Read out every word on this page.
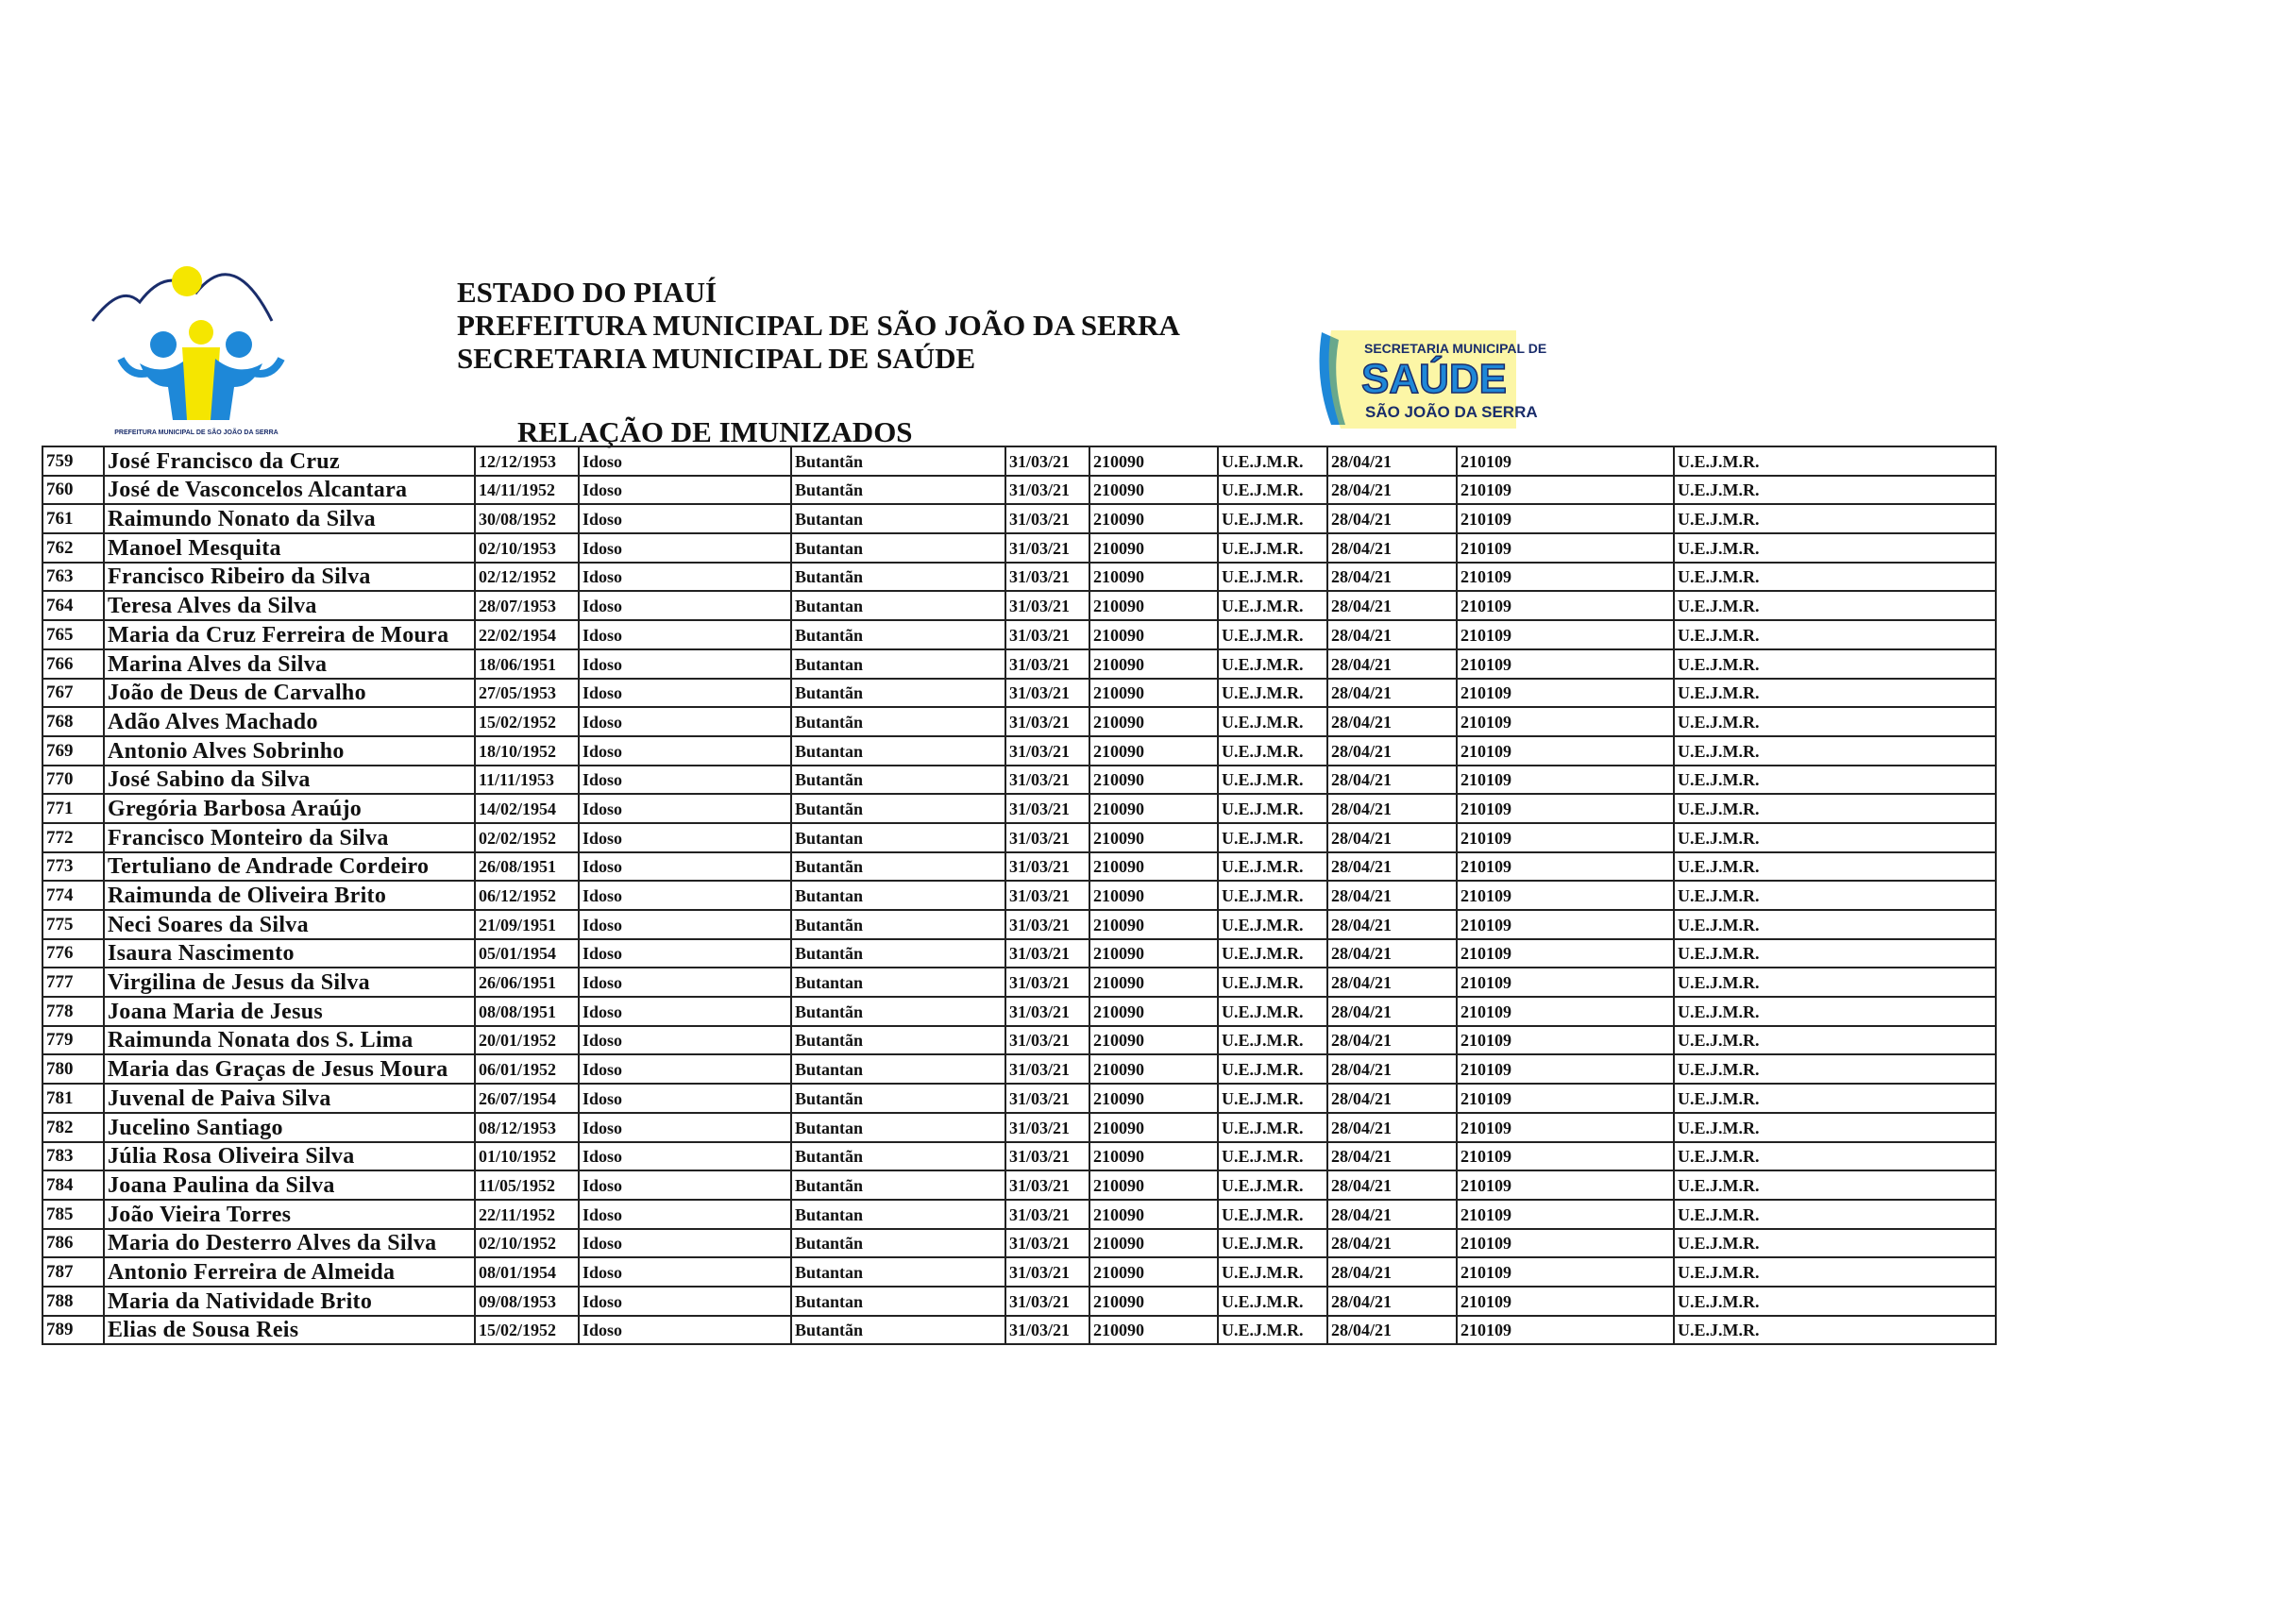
PREFEITURA MUNICIPAL DE SÃO JOÃO DA SERRA
ESTADO DO PIAUÍ
PREFEITURA MUNICIPAL DE SÃO JOÃO DA SERRA
SECRETARIA MUNICIPAL DE SAÚDE	SECRETARIA MUNICIPAL DE
SAÚDE
SÃO JOÃO DA SERRA
RELAÇÃO DE IMUNIZADOS
759	José Francisco da Cruz	12/12/1953	Idoso	Butantãn	31/03/21	210090	U.E.J.M.R.	28/04/21	210109	U.E.J.M.R.
760	José de Vasconcelos Alcantara	14/11/1952	Idoso	Butantãn	31/03/21	210090	U.E.J.M.R.	28/04/21	210109	U.E.J.M.R.
761	Raimundo Nonato da Silva	30/08/1952	Idoso	Butantan	31/03/21	210090	U.E.J.M.R.	28/04/21	210109	U.E.J.M.R.
762	Manoel Mesquita	02/10/1953	Idoso	Butantan	31/03/21	210090	U.E.J.M.R.	28/04/21	210109	U.E.J.M.R.
763	Francisco Ribeiro da Silva	02/12/1952	Idoso	Butantãn	31/03/21	210090	U.E.J.M.R.	28/04/21	210109	U.E.J.M.R.
764	Teresa Alves da Silva	28/07/1953	Idoso	Butantan	31/03/21	210090	U.E.J.M.R.	28/04/21	210109	U.E.J.M.R.
765	Maria da Cruz Ferreira de Moura	22/02/1954	Idoso	Butantãn	31/03/21	210090	U.E.J.M.R.	28/04/21	210109	U.E.J.M.R.
766	Marina Alves da Silva	18/06/1951	Idoso	Butantan	31/03/21	210090	U.E.J.M.R.	28/04/21	210109	U.E.J.M.R.
767	João de Deus de Carvalho	27/05/1953	Idoso	Butantãn	31/03/21	210090	U.E.J.M.R.	28/04/21	210109	U.E.J.M.R.
768	Adão Alves Machado	15/02/1952	Idoso	Butantãn	31/03/21	210090	U.E.J.M.R.	28/04/21	210109	U.E.J.M.R.
769	Antonio Alves Sobrinho	18/10/1952	Idoso	Butantan	31/03/21	210090	U.E.J.M.R.	28/04/21	210109	U.E.J.M.R.
770	José Sabino da Silva	11/11/1953	Idoso	Butantãn	31/03/21	210090	U.E.J.M.R.	28/04/21	210109	U.E.J.M.R.
771	Gregória Barbosa Araújo	14/02/1954	Idoso	Butantãn	31/03/21	210090	U.E.J.M.R.	28/04/21	210109	U.E.J.M.R.
772	Francisco Monteiro da Silva	02/02/1952	Idoso	Butantan	31/03/21	210090	U.E.J.M.R.	28/04/21	210109	U.E.J.M.R.
773	Tertuliano de Andrade Cordeiro	26/08/1951	Idoso	Butantãn	31/03/21	210090	U.E.J.M.R.	28/04/21	210109	U.E.J.M.R.
774	Raimunda de Oliveira Brito	06/12/1952	Idoso	Butantan	31/03/21	210090	U.E.J.M.R.	28/04/21	210109	U.E.J.M.R.
775	Neci Soares da Silva	21/09/1951	Idoso	Butantãn	31/03/21	210090	U.E.J.M.R.	28/04/21	210109	U.E.J.M.R.
776	Isaura Nascimento	05/01/1954	Idoso	Butantãn	31/03/21	210090	U.E.J.M.R.	28/04/21	210109	U.E.J.M.R.
777	Virgilina de Jesus da Silva	26/06/1951	Idoso	Butantan	31/03/21	210090	U.E.J.M.R.	28/04/21	210109	U.E.J.M.R.
778	Joana Maria de Jesus	08/08/1951	Idoso	Butantãn	31/03/21	210090	U.E.J.M.R.	28/04/21	210109	U.E.J.M.R.
779	Raimunda Nonata dos S. Lima	20/01/1952	Idoso	Butantãn	31/03/21	210090	U.E.J.M.R.	28/04/21	210109	U.E.J.M.R.
780	Maria das Graças de Jesus Moura	06/01/1952	Idoso	Butantan	31/03/21	210090	U.E.J.M.R.	28/04/21	210109	U.E.J.M.R.
781	Juvenal de Paiva Silva	26/07/1954	Idoso	Butantãn	31/03/21	210090	U.E.J.M.R.	28/04/21	210109	U.E.J.M.R.
782	Jucelino Santiago	08/12/1953	Idoso	Butantan	31/03/21	210090	U.E.J.M.R.	28/04/21	210109	U.E.J.M.R.
783	Júlia Rosa Oliveira Silva	01/10/1952	Idoso	Butantãn	31/03/21	210090	U.E.J.M.R.	28/04/21	210109	U.E.J.M.R.
784	Joana Paulina da Silva	11/05/1952	Idoso	Butantãn	31/03/21	210090	U.E.J.M.R.	28/04/21	210109	U.E.J.M.R.
785	João Vieira Torres	22/11/1952	Idoso	Butantan	31/03/21	210090	U.E.J.M.R.	28/04/21	210109	U.E.J.M.R.
786	Maria do Desterro Alves da Silva	02/10/1952	Idoso	Butantãn	31/03/21	210090	U.E.J.M.R.	28/04/21	210109	U.E.J.M.R.
787	Antonio Ferreira de Almeida	08/01/1954	Idoso	Butantan	31/03/21	210090	U.E.J.M.R.	28/04/21	210109	U.E.J.M.R.
788	Maria da Natividade Brito	09/08/1953	Idoso	Butantan	31/03/21	210090	U.E.J.M.R.	28/04/21	210109	U.E.J.M.R.
789	Elias de Sousa Reis	15/02/1952	Idoso	Butantãn	31/03/21	210090	U.E.J.M.R.	28/04/21	210109	U.E.J.M.R.
